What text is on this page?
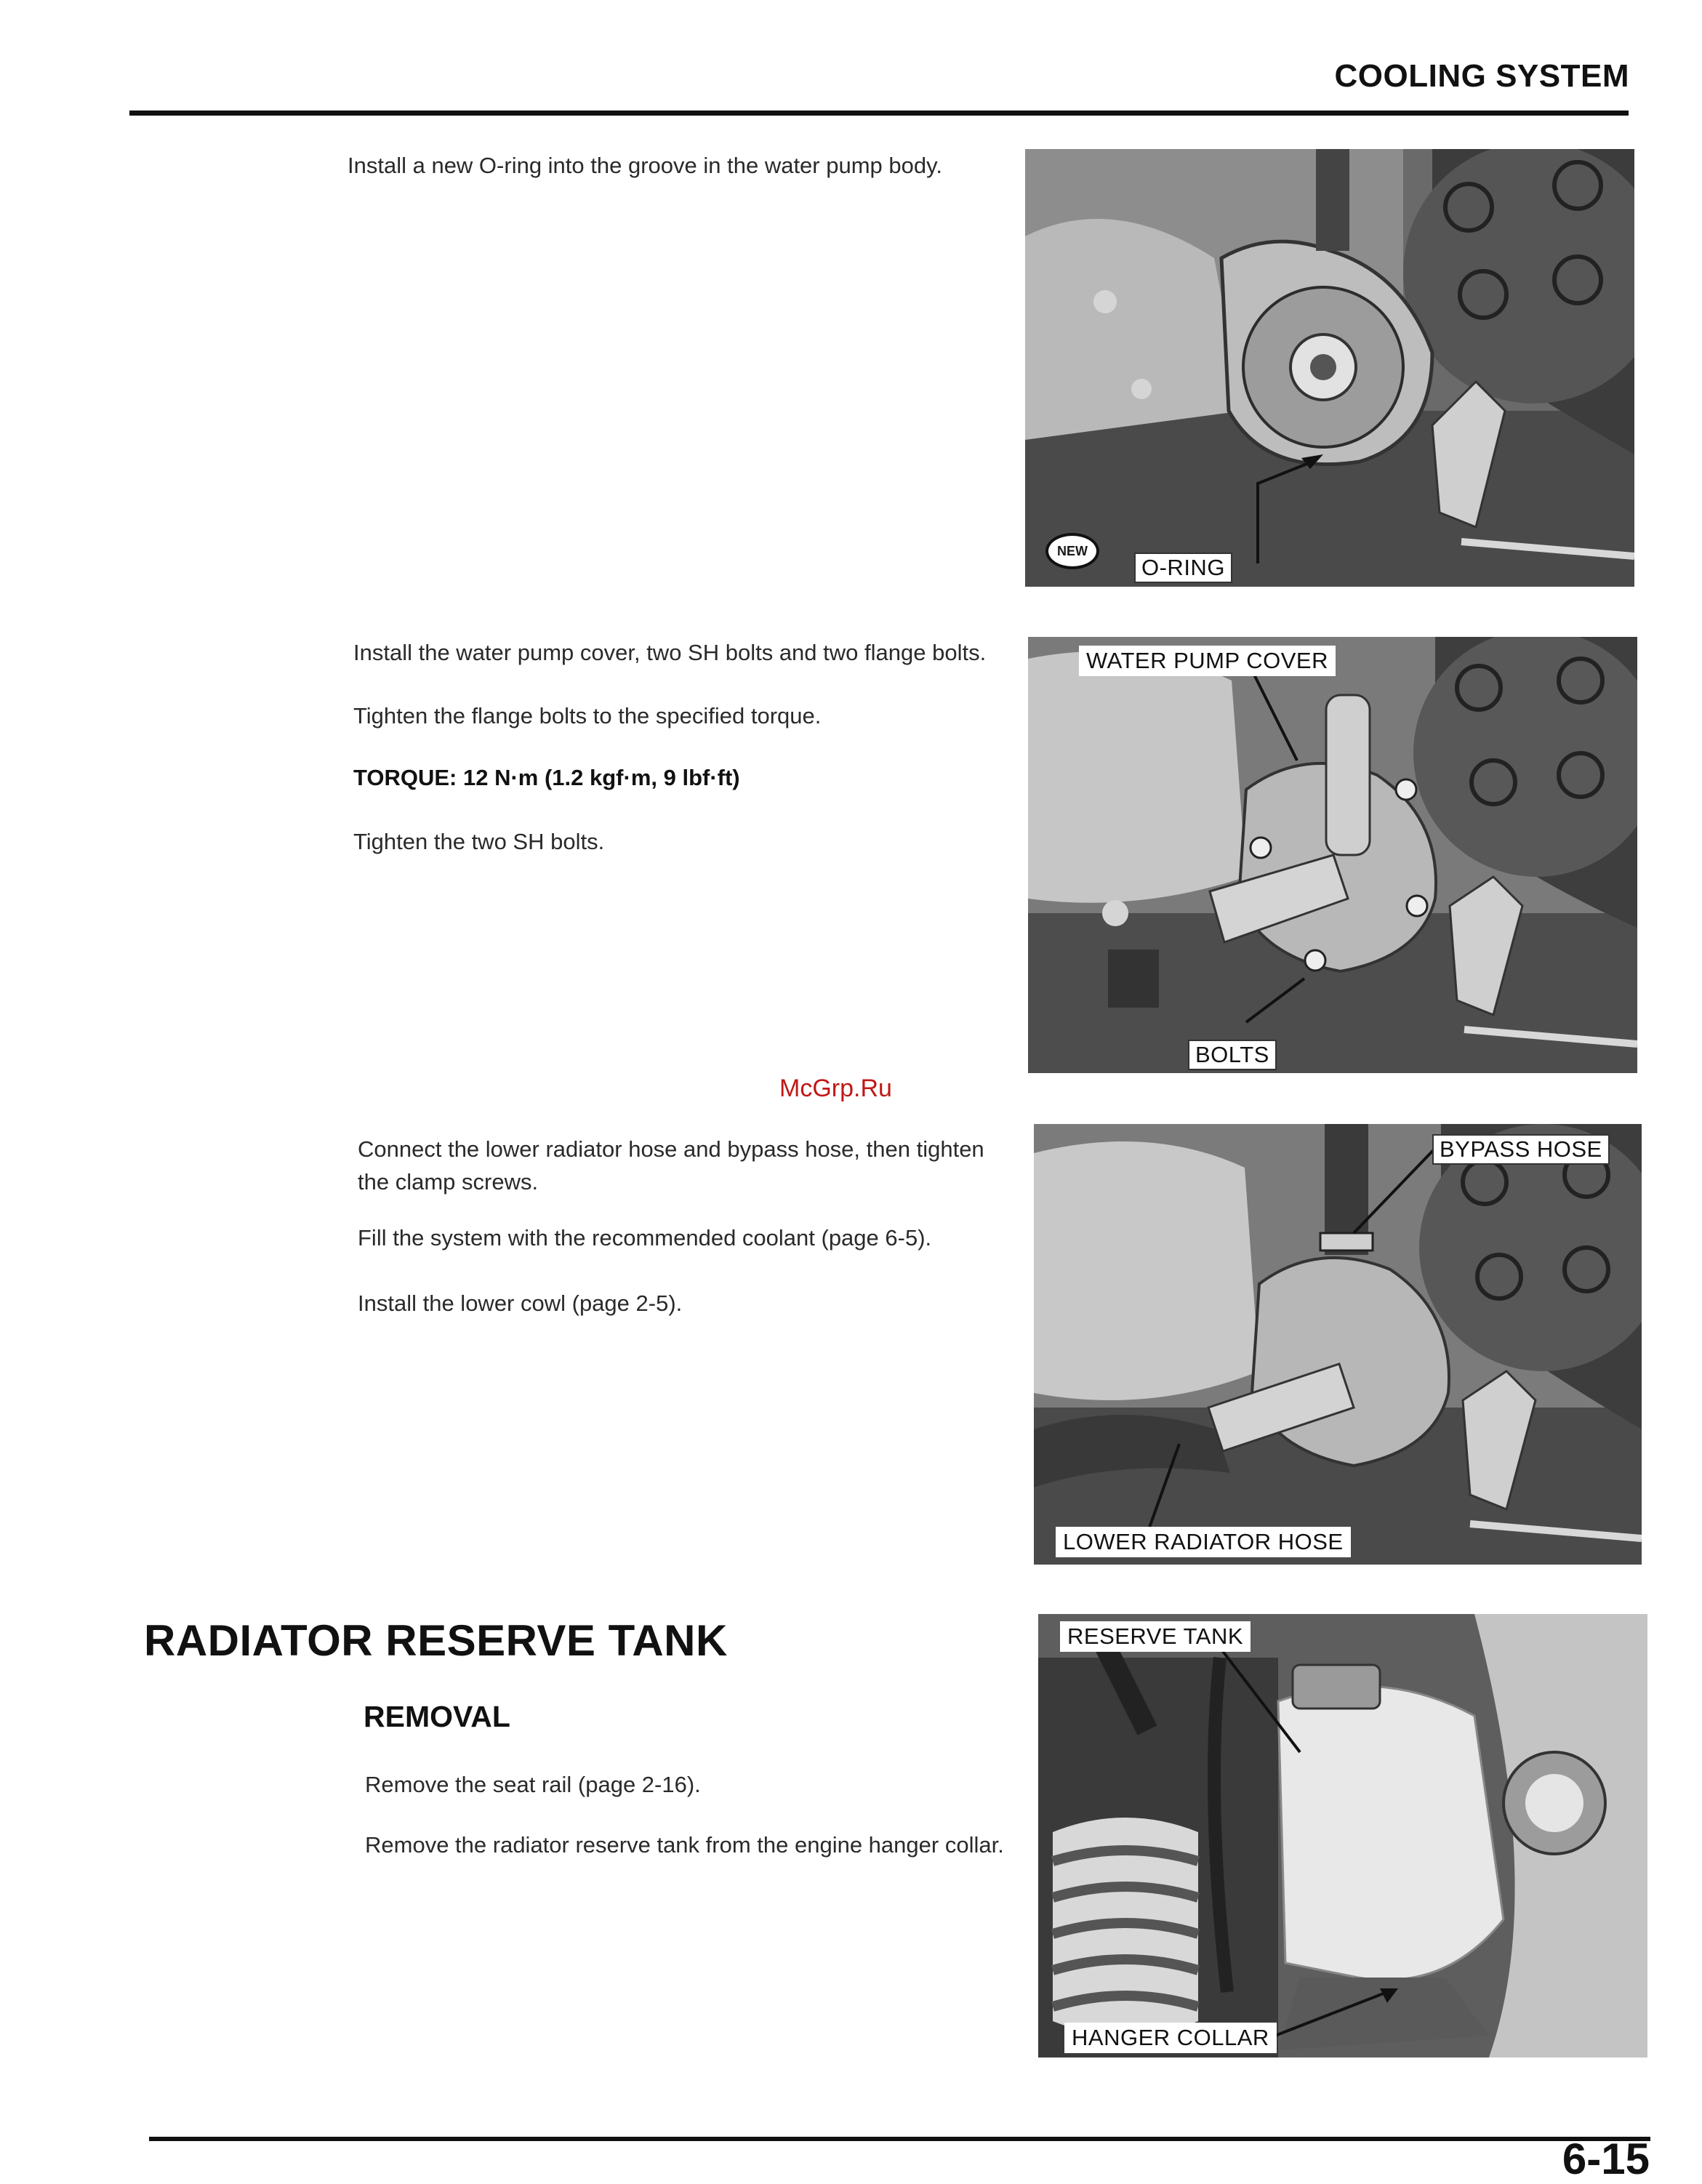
COOLING SYSTEM
Install a new O-ring into the groove in the water pump body.
Install the water pump cover, two SH bolts and two flange bolts.
Tighten the flange bolts to the specified torque.
TORQUE: 12 N·m (1.2 kgf·m, 9 lbf·ft)
Tighten the two SH bolts.
McGrp.Ru
Connect the lower radiator hose and bypass hose, then tighten the clamp screws.
Fill the system with the recommended coolant (page 6-5).
Install the lower cowl (page 2-5).
RADIATOR RESERVE TANK
REMOVAL
Remove the seat rail (page 2-16).
Remove the radiator reserve tank from the engine hanger collar.
O-RING
NEW
WATER PUMP COVER
BOLTS
BYPASS HOSE
LOWER RADIATOR HOSE
RESERVE TANK
HANGER COLLAR
6-15
